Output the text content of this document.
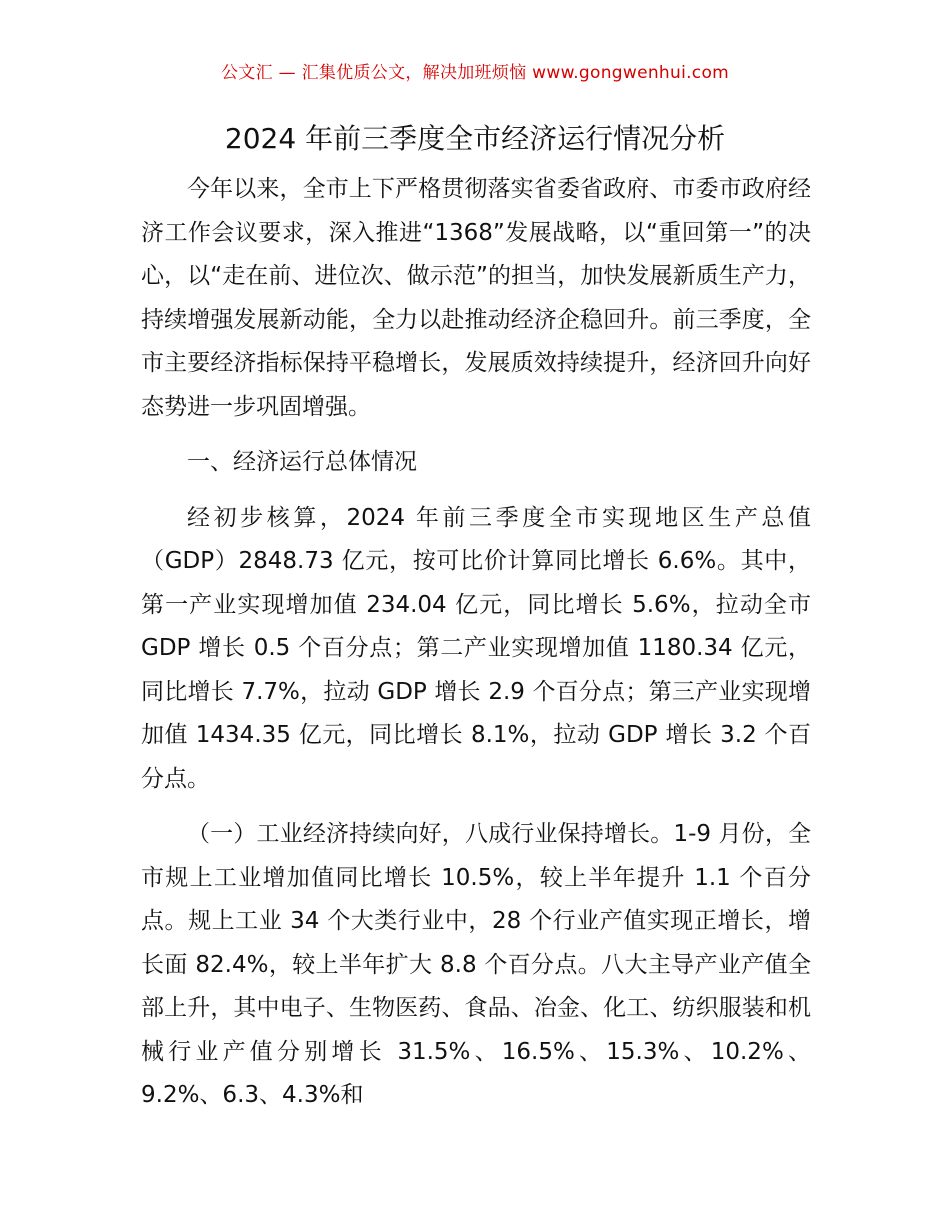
公文汇 — 汇集优质公文，解决加班烦恼 www.gongwenhui.com
2024 年前三季度全市经济运行情况分析

今年以来，全市上下严格贯彻落实省委省政府、市委市政府经济工作会议要求，深入推进“1368”发展战略，以“重回第一”的决心，以“走在前、进位次、做示范”的担当，加快发展新质生产力，持续增强发展新动能，全力以赴推动经济企稳回升。前三季度，全市主要经济指标保持平稳增长，发展质效持续提升，经济回升向好态势进一步巩固增强。

一、经济运行总体情况

经初步核算，2024 年前三季度全市实现地区生产总值（GDP）2848.73 亿元，按可比价计算同比增长 6.6%。其中，第一产业实现增加值 234.04 亿元，同比增长 5.6%，拉动全市 GDP 增长 0.5 个百分点；第二产业实现增加值 1180.34 亿元，同比增长 7.7%，拉动 GDP 增长 2.9 个百分点；第三产业实现增加值 1434.35 亿元，同比增长 8.1%，拉动 GDP 增长 3.2 个百分点。

（一）工业经济持续向好，八成行业保持增长。1-9 月份，全市规上工业增加值同比增长 10.5%，较上半年提升 1.1 个百分点。规上工业 34 个大类行业中，28 个行业产值实现正增长，增长面 82.4%，较上半年扩大 8.8 个百分点。八大主导产业产值全部上升，其中电子、生物医药、食品、冶金、化工、纺织服装和机械行业产值分别增长 31.5%、16.5%、15.3%、10.2%、9.2%、6.3、4.3%和
